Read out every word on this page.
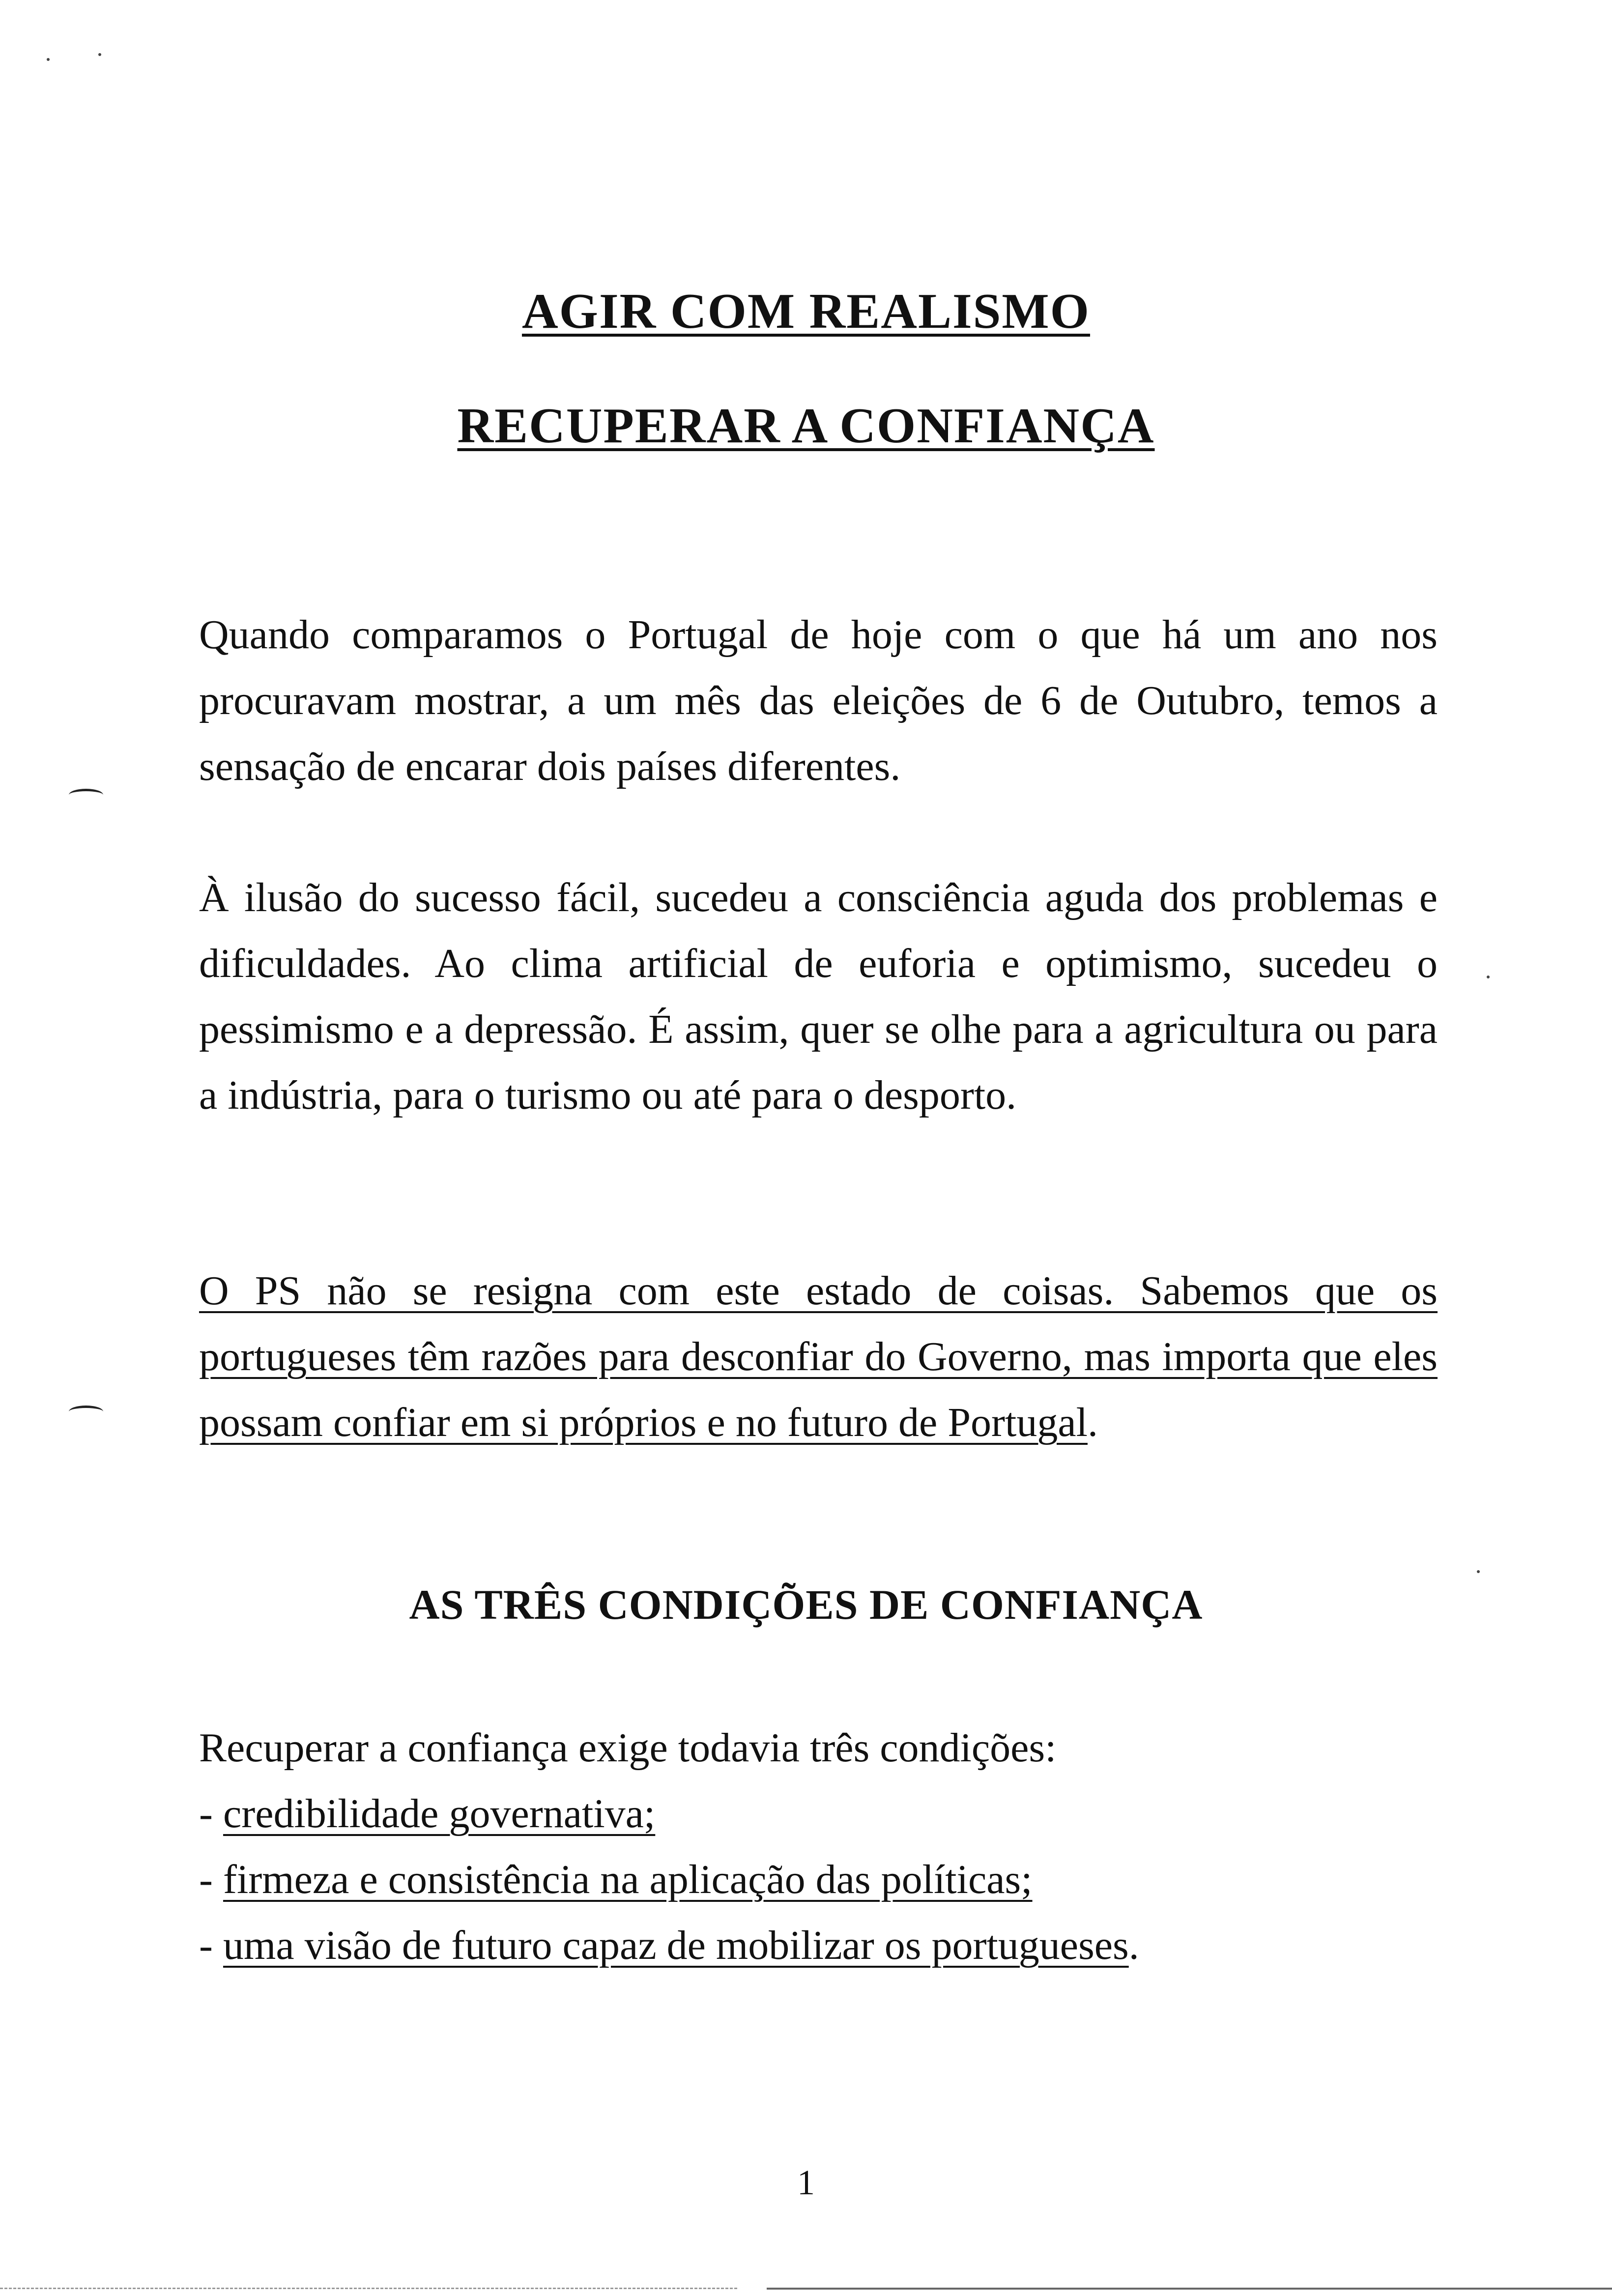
AGIR COM REALISMO
RECUPERAR A CONFIANÇA
Quando comparamos o Portugal de hoje com o que há um ano nos procuravam mostrar, a um mês das eleições de 6 de Outubro, temos a sensação de encarar dois países diferentes.
À ilusão do sucesso fácil, sucedeu a consciência aguda dos problemas e dificuldades. Ao clima artificial de euforia e optimismo, sucedeu o pessimismo e a depressão. É assim, quer se olhe para a agricultura ou para a indústria, para o turismo ou até para o desporto.
O PS não se resigna com este estado de coisas. Sabemos que os portugueses têm razões para desconfiar do Governo, mas importa que eles possam confiar em si próprios e no futuro de Portugal.
AS TRÊS CONDIÇÕES DE CONFIANÇA
Recuperar a confiança exige todavia três condições:
- credibilidade governativa;
- firmeza e consistência na aplicação das políticas;
- uma visão de futuro capaz de mobilizar os portugueses.
1
